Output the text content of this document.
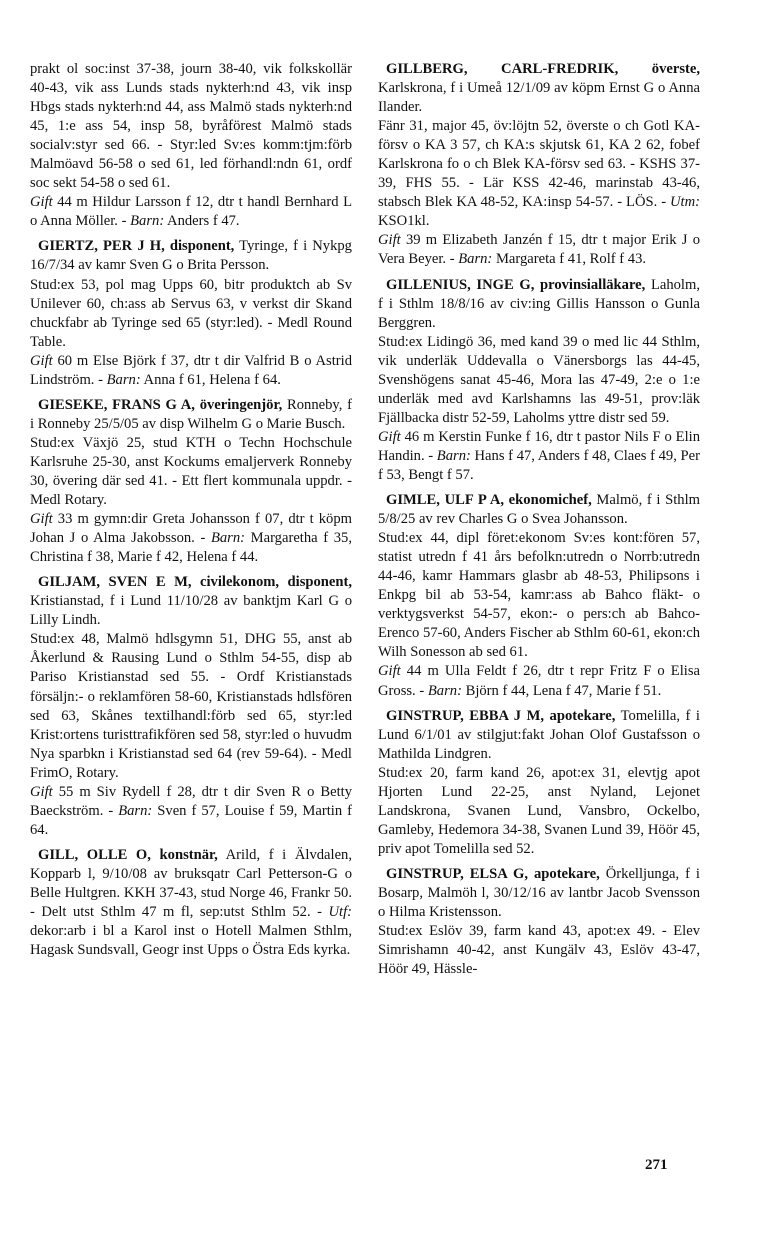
prakt ol soc:inst 37-38, journ 38-40, vik folkskollär 40-43, vik ass Lunds stads nykterh:nd 43, vik insp Hbgs stads nykterh:nd 44, ass Malmö stads nykterh:nd 45, 1:e ass 54, insp 58, byråförest Malmö stads socialv:styr sed 66. - Styr:led Sv:es komm:tjm:förb Malmöavd 56-58 o sed 61, led förhandl:ndn 61, ordf soc sekt 54-58 o sed 61.

Gift 44 m Hildur Larsson f 12, dtr t handl Bernhard L o Anna Möller. - Barn: Anders f 47.

GIERTZ, PER J H, disponent, Tyringe, f i Nykpg 16/7/34 av kamr Sven G o Brita Persson.

Stud:ex 53, pol mag Upps 60, bitr produktch ab Sv Unilever 60, ch:ass ab Servus 63, v verkst dir Skand chuckfabr ab Tyringe sed 65 (styr:led). - Medl Round Table.

Gift 60 m Else Björk f 37, dtr t dir Valfrid B o Astrid Lindström. - Barn: Anna f 61, Helena f 64.

GIESEKE, FRANS G A, överingenjör, Ronneby, f i Ronneby 25/5/05 av disp Wilhelm G o Marie Busch.

Stud:ex Växjö 25, stud KTH o Techn Hochschule Karlsruhe 25-30, anst Kockums emaljerverk Ronneby 30, övering där sed 41. - Ett flert kommunala uppdr. - Medl Rotary.

Gift 33 m gymn:dir Greta Johansson f 07, dtr t köpm Johan J o Alma Jakobsson. - Barn: Margaretha f 35, Christina f 38, Marie f 42, Helena f 44.

GILJAM, SVEN E M, civilekonom, disponent, Kristianstad, f i Lund 11/10/28 av banktjm Karl G o Lilly Lindh.

Stud:ex 48, Malmö hdlsgymn 51, DHG 55, anst ab Åkerlund & Rausing Lund o Sthlm 54-55, disp ab Pariso Kristianstad sed 55. - Ordf Kristianstads försäljn:- o reklamfören 58-60, Kristianstads hdlsfören sed 63, Skånes textilhandl:förb sed 65, styr:led Krist:ortens turisttrafikfören sed 58, styr:led o huvudm Nya sparbkn i Kristianstad sed 64 (rev 59-64). - Medl FrimO, Rotary.

Gift 55 m Siv Rydell f 28, dtr t dir Sven R o Betty Baeckström. - Barn: Sven f 57, Louise f 59, Martin f 64.

GILL, OLLE O, konstnär, Arild, f i Älvdalen, Kopparb l, 9/10/08 av bruksqatr Carl Petterson-G o Belle Hultgren. KKH 37-43, stud Norge 46, Frankr 50. - Delt utst Sthlm 47 m fl, sep:utst Sthlm 52. - Utf: dekor:arb i bl a Karol inst o Hotell Malmen Sthlm, Hagask Sundsvall, Geogr inst Upps o Östra Eds kyrka.

GILLBERG, CARL-FREDRIK, överste, Karlskrona, f i Umeå 12/1/09 av köpm Ernst G o Anna Ilander.

Fänr 31, major 45, öv:löjtn 52, överste o ch Gotl KA-försv o KA 3 57, ch KA:s skjutsk 61, KA 2 62, fobef Karlskrona fo o ch Blek KA-försv sed 63. - KSHS 37-39, FHS 55. - Lär KSS 42-46, marinstab 43-46, stabsch Blek KA 48-52, KA:insp 54-57. - LÖS. - Utm: KSO1kl.

Gift 39 m Elizabeth Janzén f 15, dtr t major Erik J o Vera Beyer. - Barn: Margareta f 41, Rolf f 43.

GILLENIUS, INGE G, provinsialläkare, Laholm, f i Sthlm 18/8/16 av civ:ing Gillis Hansson o Gunla Berggren.

Stud:ex Lidingö 36, med kand 39 o med lic 44 Sthlm, vik underläk Uddevalla o Vänersborgs las 44-45, Svenshögens sanat 45-46, Mora las 47-49, 2:e o 1:e underläk med avd Karlshamns las 49-51, prov:läk Fjällbacka distr 52-59, Laholms yttre distr sed 59.

Gift 46 m Kerstin Funke f 16, dtr t pastor Nils F o Elin Handin. - Barn: Hans f 47, Anders f 48, Claes f 49, Per f 53, Bengt f 57.

GIMLE, ULF P A, ekonomichef, Malmö, f i Sthlm 5/8/25 av rev Charles G o Svea Johansson.

Stud:ex 44, dipl föret:ekonom Sv:es kont:fören 57, statist utredn f 41 års befolkn:utredn o Norrb:utredn 44-46, kamr Hammars glasbr ab 48-53, Philipsons i Enkpg bil ab 53-54, kamr:ass ab Bahco fläkt- o verktygsverkst 54-57, ekon:- o pers:ch ab Bahco-Erenco 57-60, Anders Fischer ab Sthlm 60-61, ekon:ch Wilh Sonesson ab sed 61.

Gift 44 m Ulla Feldt f 26, dtr t repr Fritz F o Elisa Gross. - Barn: Björn f 44, Lena f 47, Marie f 51.

GINSTRUP, EBBA J M, apotekare, Tomelilla, f i Lund 6/1/01 av stilgjut:fakt Johan Olof Gustafsson o Mathilda Lindgren.

Stud:ex 20, farm kand 26, apot:ex 31, elevtjg apot Hjorten Lund 22-25, anst Nyland, Lejonet Landskrona, Svanen Lund, Vansbro, Ockelbo, Gamleby, Hedemora 34-38, Svanen Lund 39, Höör 45, priv apot Tomelilla sed 52.

GINSTRUP, ELSA G, apotekare, Örkelljunga, f i Bosarp, Malmöh l, 30/12/16 av lantbr Jacob Svensson o Hilma Kristensson.

Stud:ex Eslöv 39, farm kand 43, apot:ex 49. - Elev Simrishamn 40-42, anst Kungälv 43, Eslöv 43-47, Höör 49, Hässle-

271
